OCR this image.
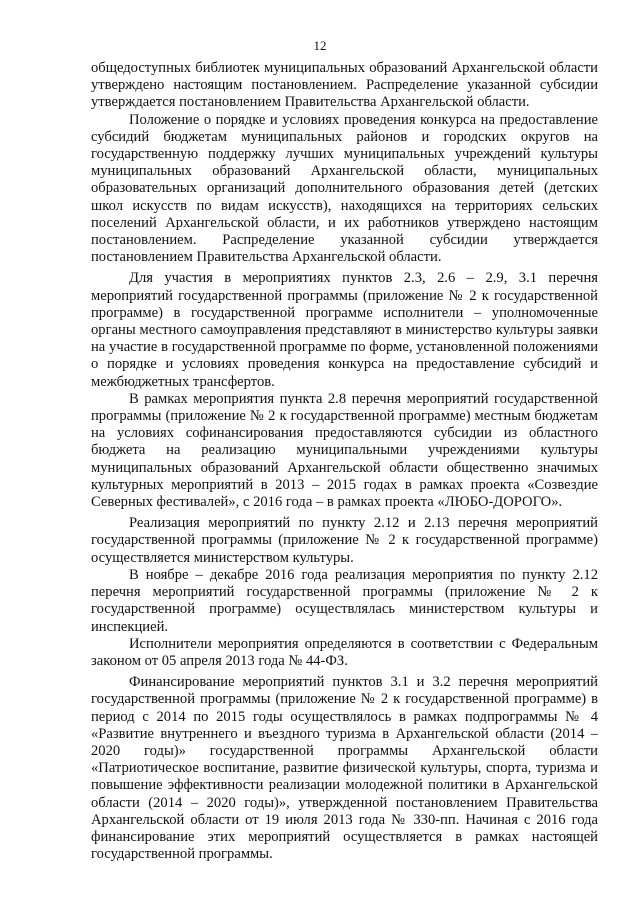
12

общедоступных библиотек муниципальных образований Архангельской области утверждено настоящим постановлением. Распределение указанной субсидии утверждается постановлением Правительства Архангельской области.

Положение о порядке и условиях проведения конкурса на предоставление субсидий бюджетам муниципальных районов и городских округов на государственную поддержку лучших муниципальных учреждений культуры муниципальных образований Архангельской области, муниципальных образовательных организаций дополнительного образования детей (детских школ искусств по видам искусств), находящихся на территориях сельских поселений Архангельской области, и их работников утверждено настоящим постановлением. Распределение указанной субсидии утверждается постановлением Правительства Архангельской области.

Для участия в мероприятиях пунктов 2.3, 2.6 – 2.9, 3.1 перечня мероприятий государственной программы (приложение № 2 к государственной программе) в государственной программе исполнители – уполномоченные органы местного самоуправления представляют в министерство культуры заявки на участие в государственной программе по форме, установленной положениями о порядке и условиях проведения конкурса на предоставление субсидий и межбюджетных трансфертов.

В рамках мероприятия пункта 2.8 перечня мероприятий государственной программы (приложение № 2 к государственной программе) местным бюджетам на условиях софинансирования предоставляются субсидии из областного бюджета на реализацию муниципальными учреждениями культуры муниципальных образований Архангельской области общественно значимых культурных мероприятий в 2013 – 2015 годах в рамках проекта «Созвездие Северных фестивалей», с 2016 года – в рамках проекта «ЛЮБО-ДОРОГО».

Реализация мероприятий по пункту 2.12 и 2.13 перечня мероприятий государственной программы (приложение № 2 к государственной программе) осуществляется министерством культуры.

В ноябре – декабре 2016 года реализация мероприятия по пункту 2.12 перечня мероприятий государственной программы (приложение № 2 к государственной программе) осуществлялась министерством культуры и инспекцией.

Исполнители мероприятия определяются в соответствии с Федеральным законом от 05 апреля 2013 года № 44-ФЗ.

Финансирование мероприятий пунктов 3.1 и 3.2 перечня мероприятий государственной программы (приложение № 2 к государственной программе) в период с 2014 по 2015 годы осуществлялось в рамках подпрограммы № 4 «Развитие внутреннего и въездного туризма в Архангельской области (2014 – 2020 годы)» государственной программы Архангельской области «Патриотическое воспитание, развитие физической культуры, спорта, туризма и повышение эффективности реализации молодежной политики в Архангельской области (2014 – 2020 годы)», утвержденной постановлением Правительства Архангельской области от 19 июля 2013 года № 330-пп. Начиная с 2016 года финансирование этих мероприятий осуществляется в рамках настоящей государственной программы.
